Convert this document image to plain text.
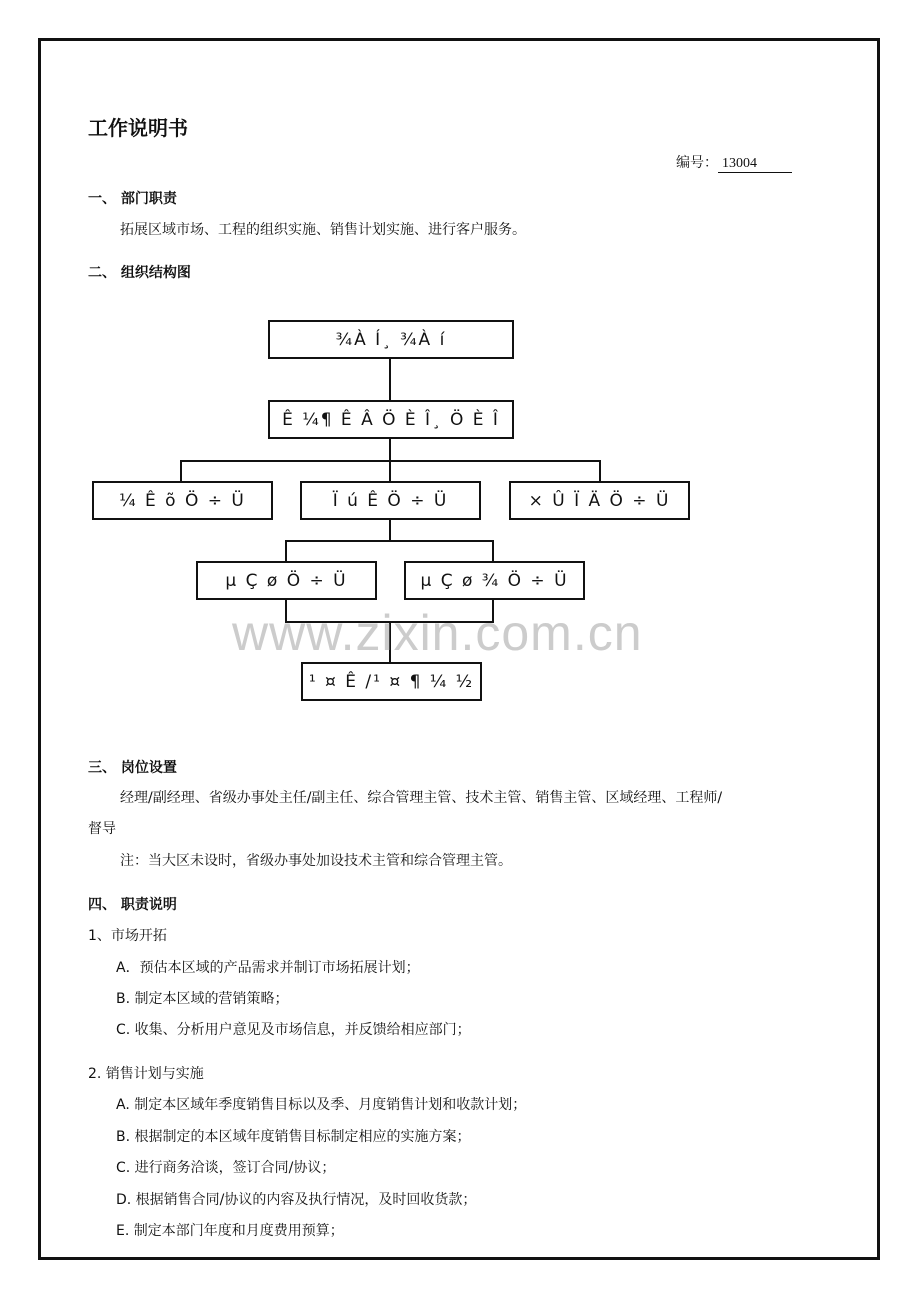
工作说明书
编号： 13004
一、 部门职责
拓展区域市场、工程的组织实施、销售计划实施、进行客户服务。
二、 组织结构图
¾À Í¸ ¾À í
Ê ¼¶ Ê Â Ö È Î¸ Ö È Î
¼ Ê õ Ö ÷ Ü	Ï ú Ê Ö ÷ Ü	× Û Ï Ä Ö ÷ Ü
µ Ç ø Ö ÷ Ü	µ Ç ø ¾ Ö ÷ Ü
¹ ¤ Ê /¹ ¤ ¶ ¼ ½
www.zixin.com.cn
三、 岗位设置
经理/副经理、省级办事处主任/副主任、综合管理主管、技术主管、销售主管、区域经理、工程师/
督导
注：当大区未设时，省级办事处加设技术主管和综合管理主管。
四、 职责说明
1、市场开拓
A．预估本区域的产品需求并制订市场拓展计划；
B. 制定本区域的营销策略；
C. 收集、分析用户意见及市场信息，并反馈给相应部门；
2. 销售计划与实施
A. 制定本区域年季度销售目标以及季、月度销售计划和收款计划；
B. 根据制定的本区域年度销售目标制定相应的实施方案；
C. 进行商务洽谈，签订合同/协议；
D. 根据销售合同/协议的内容及执行情况，及时回收货款；
E. 制定本部门年度和月度费用预算；
